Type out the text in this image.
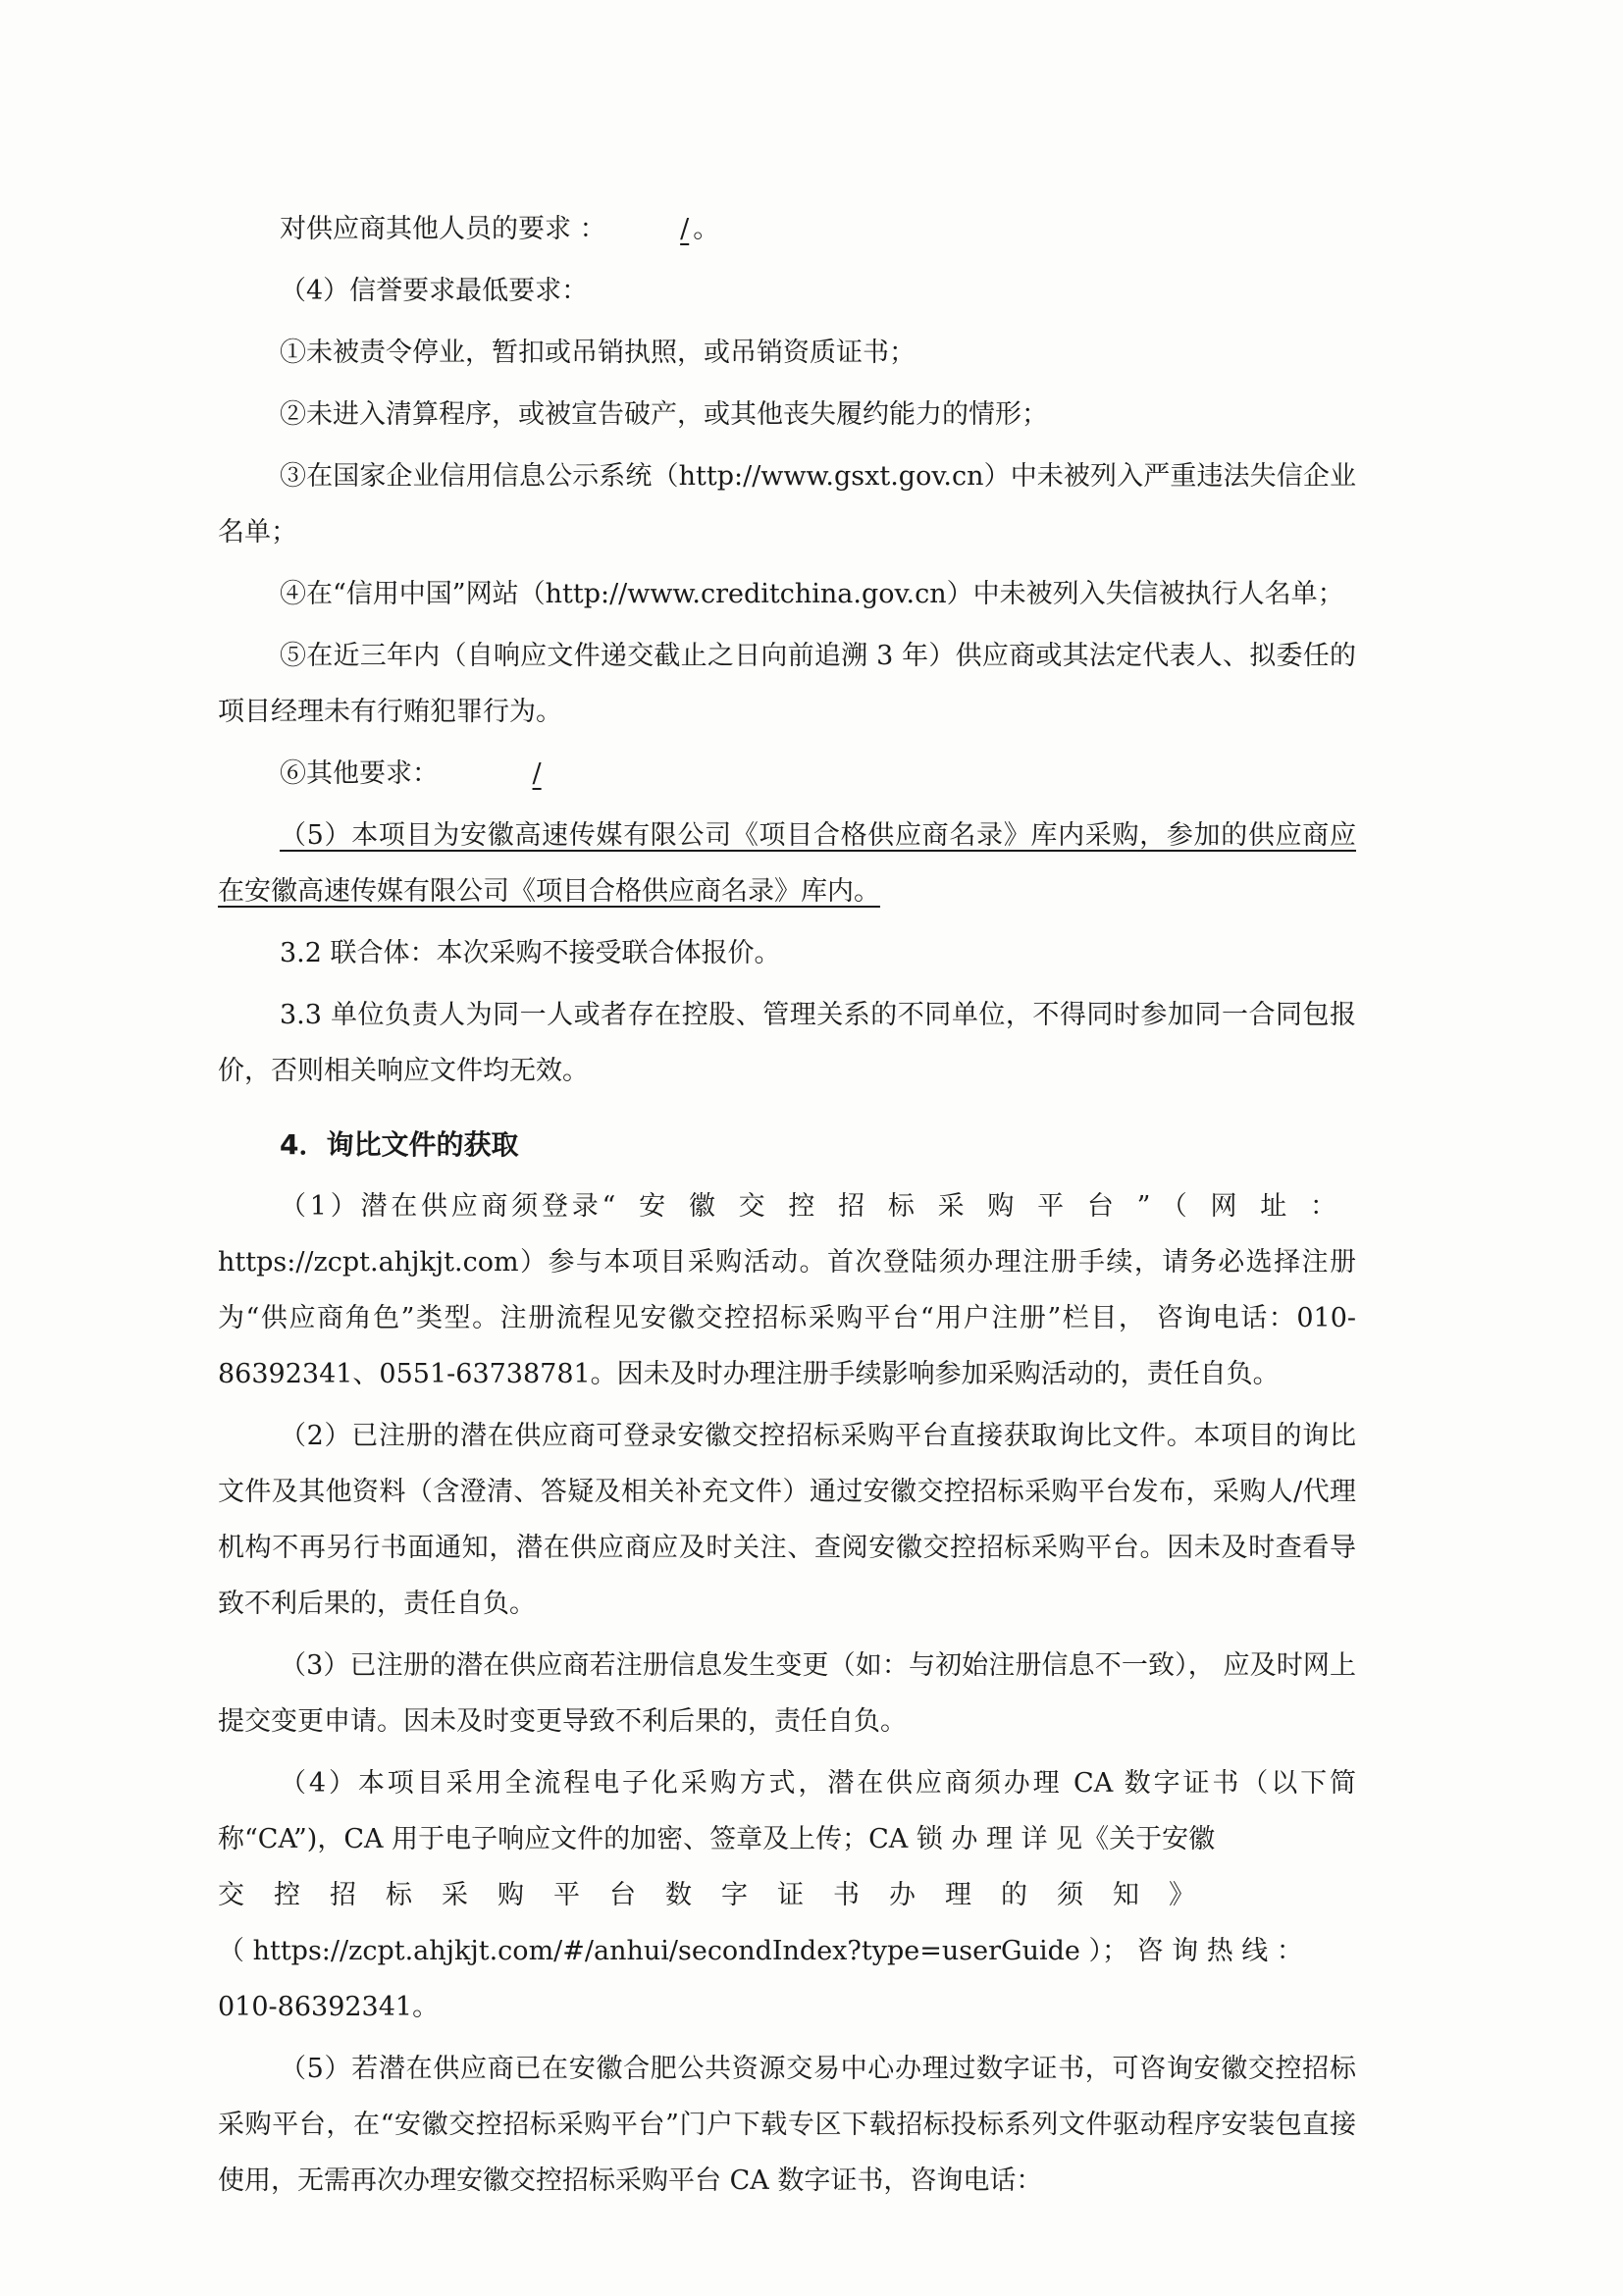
对供应商其他人员的要求 ：	/ 。

（4）信誉要求最低要求：

①未被责令停业，暂扣或吊销执照，或吊销资质证书；

②未进入清算程序，或被宣告破产，或其他丧失履约能力的情形；

③在国家企业信用信息公示系统（http://www.gsxt.gov.cn）中未被列入严重违法失信企业名单；

④在“信用中国”网站（http://www.creditchina.gov.cn）中未被列入失信被执行人名单；

⑤在近三年内（自响应文件递交截止之日向前追溯 3 年）供应商或其法定代表人、拟委任的项目经理未有行贿犯罪行为。

⑥其他要求：	/

（5）本项目为安徽高速传媒有限公司《项目合格供应商名录》库内采购，参加的供应商应在安徽高速传媒有限公司《项目合格供应商名录》库内。

3.2 联合体：本次采购不接受联合体报价。

3.3 单位负责人为同一人或者存在控股、管理关系的不同单位，不得同时参加同一合同包报价，否则相关响应文件均无效。

4．询比文件的获取

（1）潜在供应商须登录“安徽交控招标采购平台”（网址：https://zcpt.ahjkjt.com）参与本项目采购活动。首次登陆须办理注册手续，请务必选择注册为“供应商角色”类型。注册流程见安徽交控招标采购平台“用户注册”栏目， 咨询电话：010-86392341、0551-63738781。因未及时办理注册手续影响参加采购活动的，责任自负。

（2）已注册的潜在供应商可登录安徽交控招标采购平台直接获取询比文件。本项目的询比文件及其他资料（含澄清、答疑及相关补充文件）通过安徽交控招标采购平台发布，采购人/代理机构不再另行书面通知，潜在供应商应及时关注、查阅安徽交控招标采购平台。因未及时查看导致不利后果的，责任自负。

（3）已注册的潜在供应商若注册信息发生变更（如：与初始注册信息不一致）， 应及时网上提交变更申请。因未及时变更导致不利后果的，责任自负。

（4）本项目采用全流程电子化采购方式，潜在供应商须办理 CA 数字证书（以下简称“CA”)，CA 用于电子响应文件的加密、签章及上传；CA 锁 办 理 详 见《关于安徽

交控招标采购平台数字证书办理的须知》

（ https://zcpt.ahjkjt.com/#/anhui/secondIndex?type=userGuide ）； 咨 询 热 线 ：

010-86392341。

（5）若潜在供应商已在安徽合肥公共资源交易中心办理过数字证书，可咨询安徽交控招标采购平台，在“安徽交控招标采购平台”门户下载专区下载招标投标系列文件驱动程序安装包直接使用，无需再次办理安徽交控招标采购平台 CA 数字证书，咨询电话：
